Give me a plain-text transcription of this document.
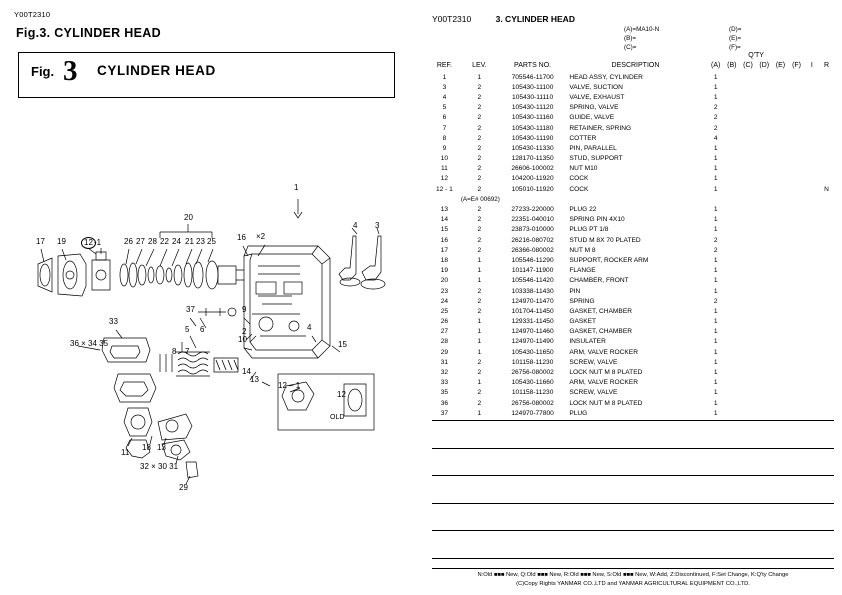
Y00T2310
Fig.3. CYLINDER HEAD
Fig. 3 CYLINDER HEAD
1
4 3
20
17 19	12 -1	26 27 28 22 24 21 23 25	16 ×2
33
5 6
37	9
2
10
4
15
36 × 34 35
8 7
14
13
12 – 1
12
OLD
11
18 13
32 × 30 31
29
Y00T2310	3. CYLINDER HEAD
(A)=MA10-N
(B)=
(C)=
(D)=
(E)=
(F)=
				Q'TY							
REF.	LEV.	PARTS NO.	DESCRIPTION	(A)	(B)	(C)	(D)	(E)	(F)	I	R
1	1	705546-11700	HEAD ASSY, CYLINDER	1							
3	2	105430-11100	VALVE, SUCTION	1							
4	2	105430-11110	VALVE, EXHAUST	1							
5	2	105430-11120	SPRING, VALVE	2							
6	2	105430-11160	GUIDE, VALVE	2							
7	2	105430-11180	RETAINER, SPRING	2							
8	2	105430-11190	COTTER	4							
9	2	105430-11330	PIN, PARALLEL	1							
10	2	128170-11350	STUD, SUPPORT	1							
11	2	26606-100002	NUT M10	1							
12	2	104200-11920	COCK	1							
12 - 1	2	105010-11920	COCK	1							N
	(A=E# 00692)										
13	2	27233-220000	PLUG 22	1							
14	2	22351-040010	SPRING PIN 4X10	1							
15	2	23873-010000	PLUG PT 1/8	1							
16	2	26216-080702	STUD M 8X 70 PLATED	2							
17	2	26366-080002	NUT M 8	2							
18	1	105546-11290	SUPPORT, ROCKER ARM	1							
19	1	101147-11900	FLANGE	1							
20	1	105546-11420	CHAMBER, FRONT	1							
23	2	103338-11430	PIN	1							
24	2	124970-11470	SPRING	2							
25	2	101704-11450	GASKET, CHAMBER	1							
26	1	129331-11450	GASKET	1							
27	1	124970-11460	GASKET, CHAMBER	1							
28	1	124970-11490	INSULATER	1							
29	1	105430-11650	ARM, VALVE ROCKER	1							
31	2	101158-11230	SCREW, VALVE	1							
32	2	26756-080002	LOCK NUT M 8 PLATED	1							
33	1	105430-11660	ARM, VALVE ROCKER	1							
35	2	101158-11230	SCREW, VALVE	1							
36	2	26756-080002	LOCK NUT M 8 PLATED	1							
37	1	124970-77800	PLUG	1							
N:Old ■■■ New, Q:Old ■■■ New, R:Old ■■■ New, S:Old ■■■ New, W:Add, Z:Discontinued, F:Set Change, K:Q'ty Change
(C)Copy Rights YANMAR CO.,LTD and YANMAR AGRICULTURAL EQUIPMENT CO.,LTD.
